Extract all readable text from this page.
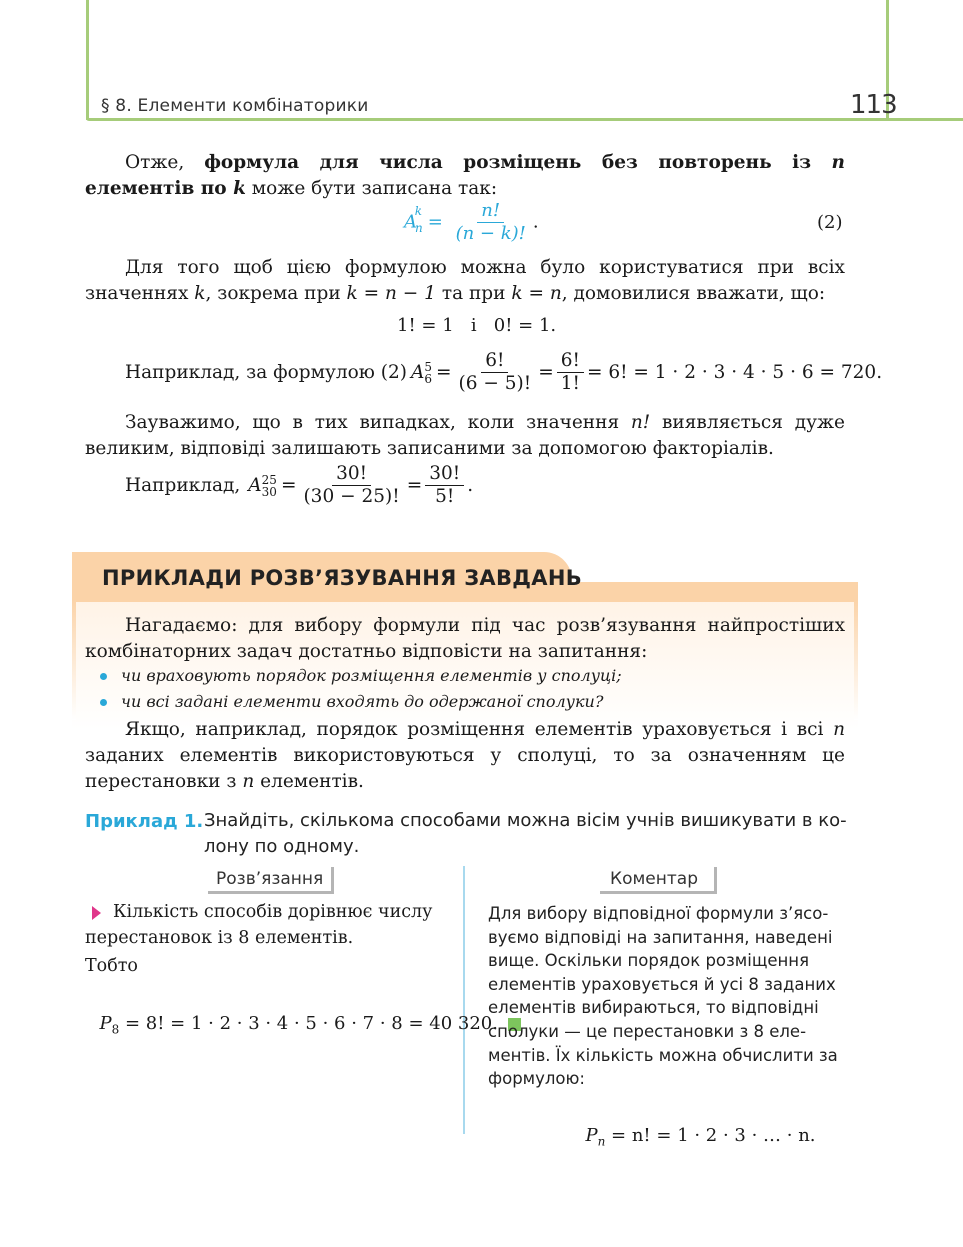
§ 8. Елементи комбінаторики	113
Отже, формула для числа розміщень без повторень із n елементів по k може бути записана так:
$A_n^k = \frac{n!}{(n - k)!}$ .	(2)
Для того щоб цією формулою можна було користуватися при всіх значеннях k, зокрема при k = n − 1 та при k = n, домовилися вважати, що:
1! = 1   і   0! = 1.
Наприклад, за формулою (2) A 5
$6 = \frac{6!}{(6 - 5)!} = \frac{6!}{1!} = 6$! = 1 · 2 · 3 · 4 · 5 · 6 = 720.
Зауважимо, що в тих випадках, коли значення n! виявляється дуже великим, відповіді залишають записаними за допомогою факторіалів.
Наприклад, A 25
$30 = \frac{30!}{(30 - 25)!} = \frac{30!}{5!}$ .
ПРИКЛАДИ РОЗВ’ЯЗУВАННЯ ЗАВДАНЬ
Нагадаємо: для вибору формули під час розв’язування найпростіших комбінаторних задач достатньо відповісти на запитання:
чи враховують порядок розміщення елементів у сполуці;
чи всі задані елементи входять до одержаної сполуки?
Якщо, наприклад, порядок розміщення елементів ураховується і всі n заданих елементів використовуються у сполуці, то за означенням це перестановки з n елементів.
Приклад 1. Знайдіть, скількома способами можна вісім учнів вишикувати в ко-
лону по одному.
Розв’язання	Коментар
Кількість способів дорівнює числу
перестановок із 8 елементів.
Тобто

$P_8 = 8$! = 1 · 2 · 3 · 4 · 5 · 6 · 7 · 8 = 40 320.

Для вибору відповідної формули з’ясо-
вуємо відповіді на запитання, наведені
вище. Оскільки порядок розміщення
елементів ураховується й усі 8 заданих
елементів вибираються, то відповідні
сполуки — це перестановки з 8 еле-
ментів. Їх кількість можна обчислити за
формулою:

$P_n = n$! = 1 · 2 · 3 · … · n.
